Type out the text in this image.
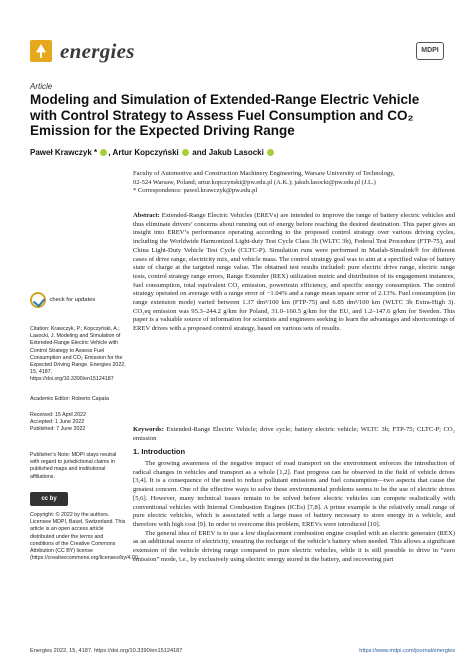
energies	MDPI
Article
Modeling and Simulation of Extended-Range Electric Vehicle with Control Strategy to Assess Fuel Consumption and CO₂ Emission for the Expected Driving Range
Paweł Krawczyk * , Artur Kopczyński and Jakub Lasocki
Faculty of Automotive and Construction Machinery Engineering, Warsaw University of Technology,
02-524 Warsaw, Poland; artur.kopczynski@pw.edu.pl (A.K.); jakub.lasocki@pw.edu.pl (J.L.)
* Correspondence: pawel.krawczyk@pw.edu.pl
Abstract: Extended-Range Electric Vehicles (EREVs) are intended to improve the range of battery electric vehicles and thus eliminate drivers’ concerns about running out of energy before reaching the desired destination. This paper gives an insight into EREV’s performance operating according to the proposed control strategy over various driving cycles, including the Worldwide Harmonized Light-duty Test Cycle Class 3b (WLTC 3b), Federal Test Procedure (FTP-75), and China Light-Duty Vehicle Test Cycle (CLTC-P). Simulation runs were performed in Matlab-Simulink® for different cases of drive range, electricity mix, and vehicle mass. The control strategy goal was to aim at a specified value of battery state of charge at the targeted range value. The obtained test results included: pure electric drive range, electric range tests, control strategy range errors, Range Extender (REX) utilization metric and distribution of its engagement instances, fuel consumption, total equivalent CO₂ emission, powertrain efficiency, and specific energy consumption. The control strategy operated on average with a range error of −1.04% and a range mean square error of 2.13%. Fuel consumption (in range extension mode) varied between 1.37 dm³/100 km (FTP-75) and 6.85 dm³/100 km (WLTC 3b Extra-High 3). CO₂eq emission was 95.3–244.2 g/km for Poland, 31.0–160.5 g/km for the EU, and 1.2–147.6 g/km for Sweden. This paper is a valuable source of information for scientists and engineers seeking to learn the advantages and shortcomings of EREV drives with a proposed control strategy, based on various sets of results.
Keywords: Extended-Range Electric Vehicle; drive cycle; battery electric vehicle; WLTC 3b; FTP-75; CLTC-P; CO₂ emission
1. Introduction

The growing awareness of the negative impact of road transport on the environment enforces the introduction of radical changes in vehicles and transport as a whole [1,2]. Fast progress can be observed in the field of vehicle drives [3,4]. It is a consequence of the need to reduce pollutant emissions and fuel consumption—two aspects that cause the greatest concern. One of the effective ways to solve these environmental problems seems to be the use of electric drives [5,6]. However, many technical issues remain to be solved before electric vehicles can compete realistically with conventional vehicles with Internal Combustion Engines (ICEs) [7,8]. A prime example is the relatively small range of pure electric vehicles, which is associated with a large mass of battery necessary to store energy in a vehicle, and therefore with high cost [9]. In order to overcome this problem, EREVs were introduced [10].

The general idea of EREV is to use a low displacement combustion engine coupled with an electric generator (REX) as an additional source of electricity, ensuring the recharge of the vehicle’s battery when needed. This allows a significant extension of the vehicle driving range compared to pure electric vehicles, while it is still possible to drive in “zero emission” mode, i.e., by exclusively using electric energy stored in the battery, and recovering part

check for updates
Citation: Krawczyk, P.; Kopczyński, A.; Lasocki, J. Modeling and Simulation of Extended-Range Electric Vehicle with Control Strategy to Assess Fuel Consumption and CO₂ Emission for the Expected Driving Range. Energies 2022, 15, 4187. https://doi.org/10.3390/en15124187
Academic Editor: Roberto Capata
Received: 15 April 2022
Accepted: 1 June 2022
Published: 7 June 2022
Publisher’s Note: MDPI stays neutral with regard to jurisdictional claims in published maps and institutional affiliations.
cc by
Copyright: © 2022 by the authors. Licensee MDPI, Basel, Switzerland. This article is an open access article distributed under the terms and conditions of the Creative Commons Attribution (CC BY) license (https://creativecommons.org/licenses/by/4.0/).
Energies 2022, 15, 4187. https://doi.org/10.3390/en15124187	https://www.mdpi.com/journal/energies
